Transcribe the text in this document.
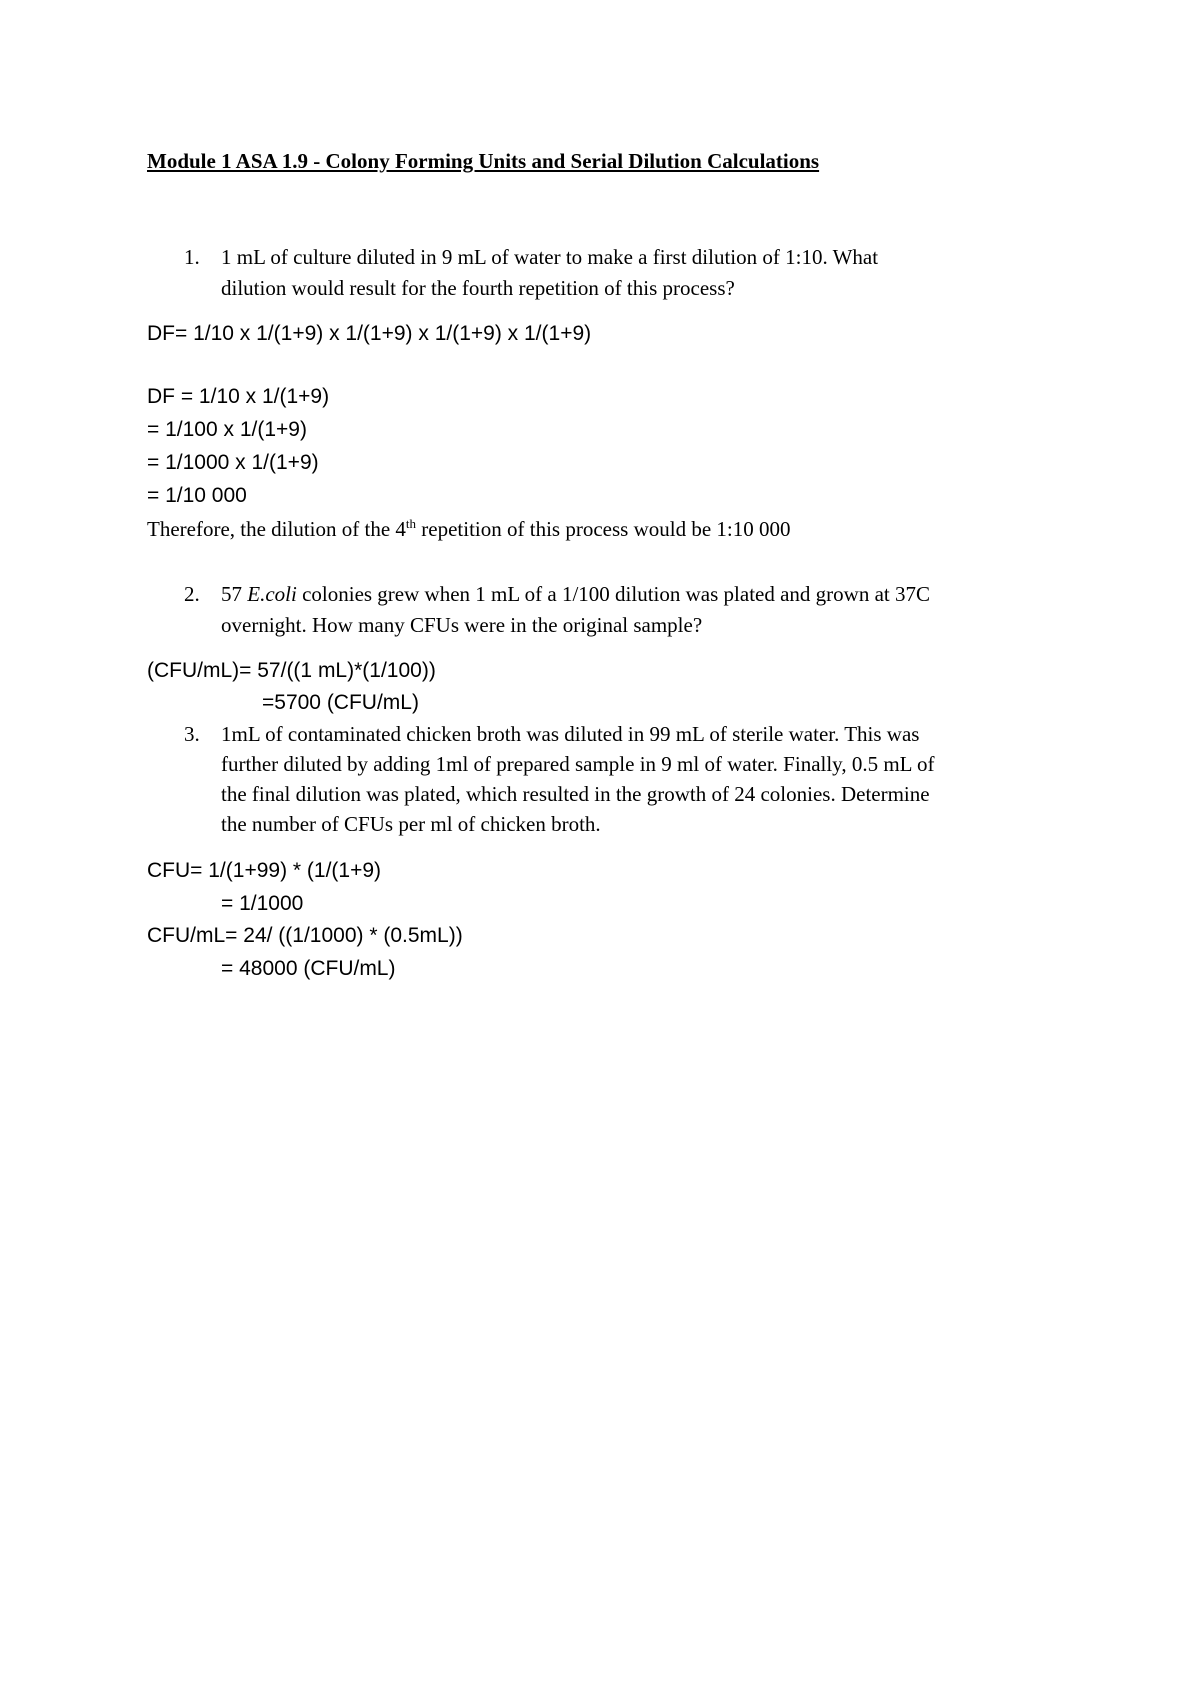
Module 1 ASA 1.9 - Colony Forming Units and Serial Dilution Calculations
1. 1 mL of culture diluted in 9 mL of water to make a first dilution of 1:10. What
dilution would result for the fourth repetition of this process?
DF= 1/10 x 1/(1+9) x 1/(1+9) x 1/(1+9) x 1/(1+9)
DF = 1/10 x 1/(1+9)
= 1/100 x 1/(1+9)
= 1/1000 x 1/(1+9)
= 1/10 000
Therefore, the dilution of the 4th repetition of this process would be 1:10 000
2. 57 E.coli colonies grew when 1 mL of a 1/100 dilution was plated and grown at 37C
overnight. How many CFUs were in the original sample?
(CFU/mL)= 57/((1 mL)*(1/100))
=5700 (CFU/mL)
3. 1mL of contaminated chicken broth was diluted in 99 mL of sterile water. This was
further diluted by adding 1ml of prepared sample in 9 ml of water. Finally, 0.5 mL of
the final dilution was plated, which resulted in the growth of 24 colonies. Determine
the number of CFUs per ml of chicken broth.
CFU= 1/(1+99) * (1/(1+9)
= 1/1000
CFU/mL= 24/ ((1/1000) * (0.5mL))
= 48000 (CFU/mL)
